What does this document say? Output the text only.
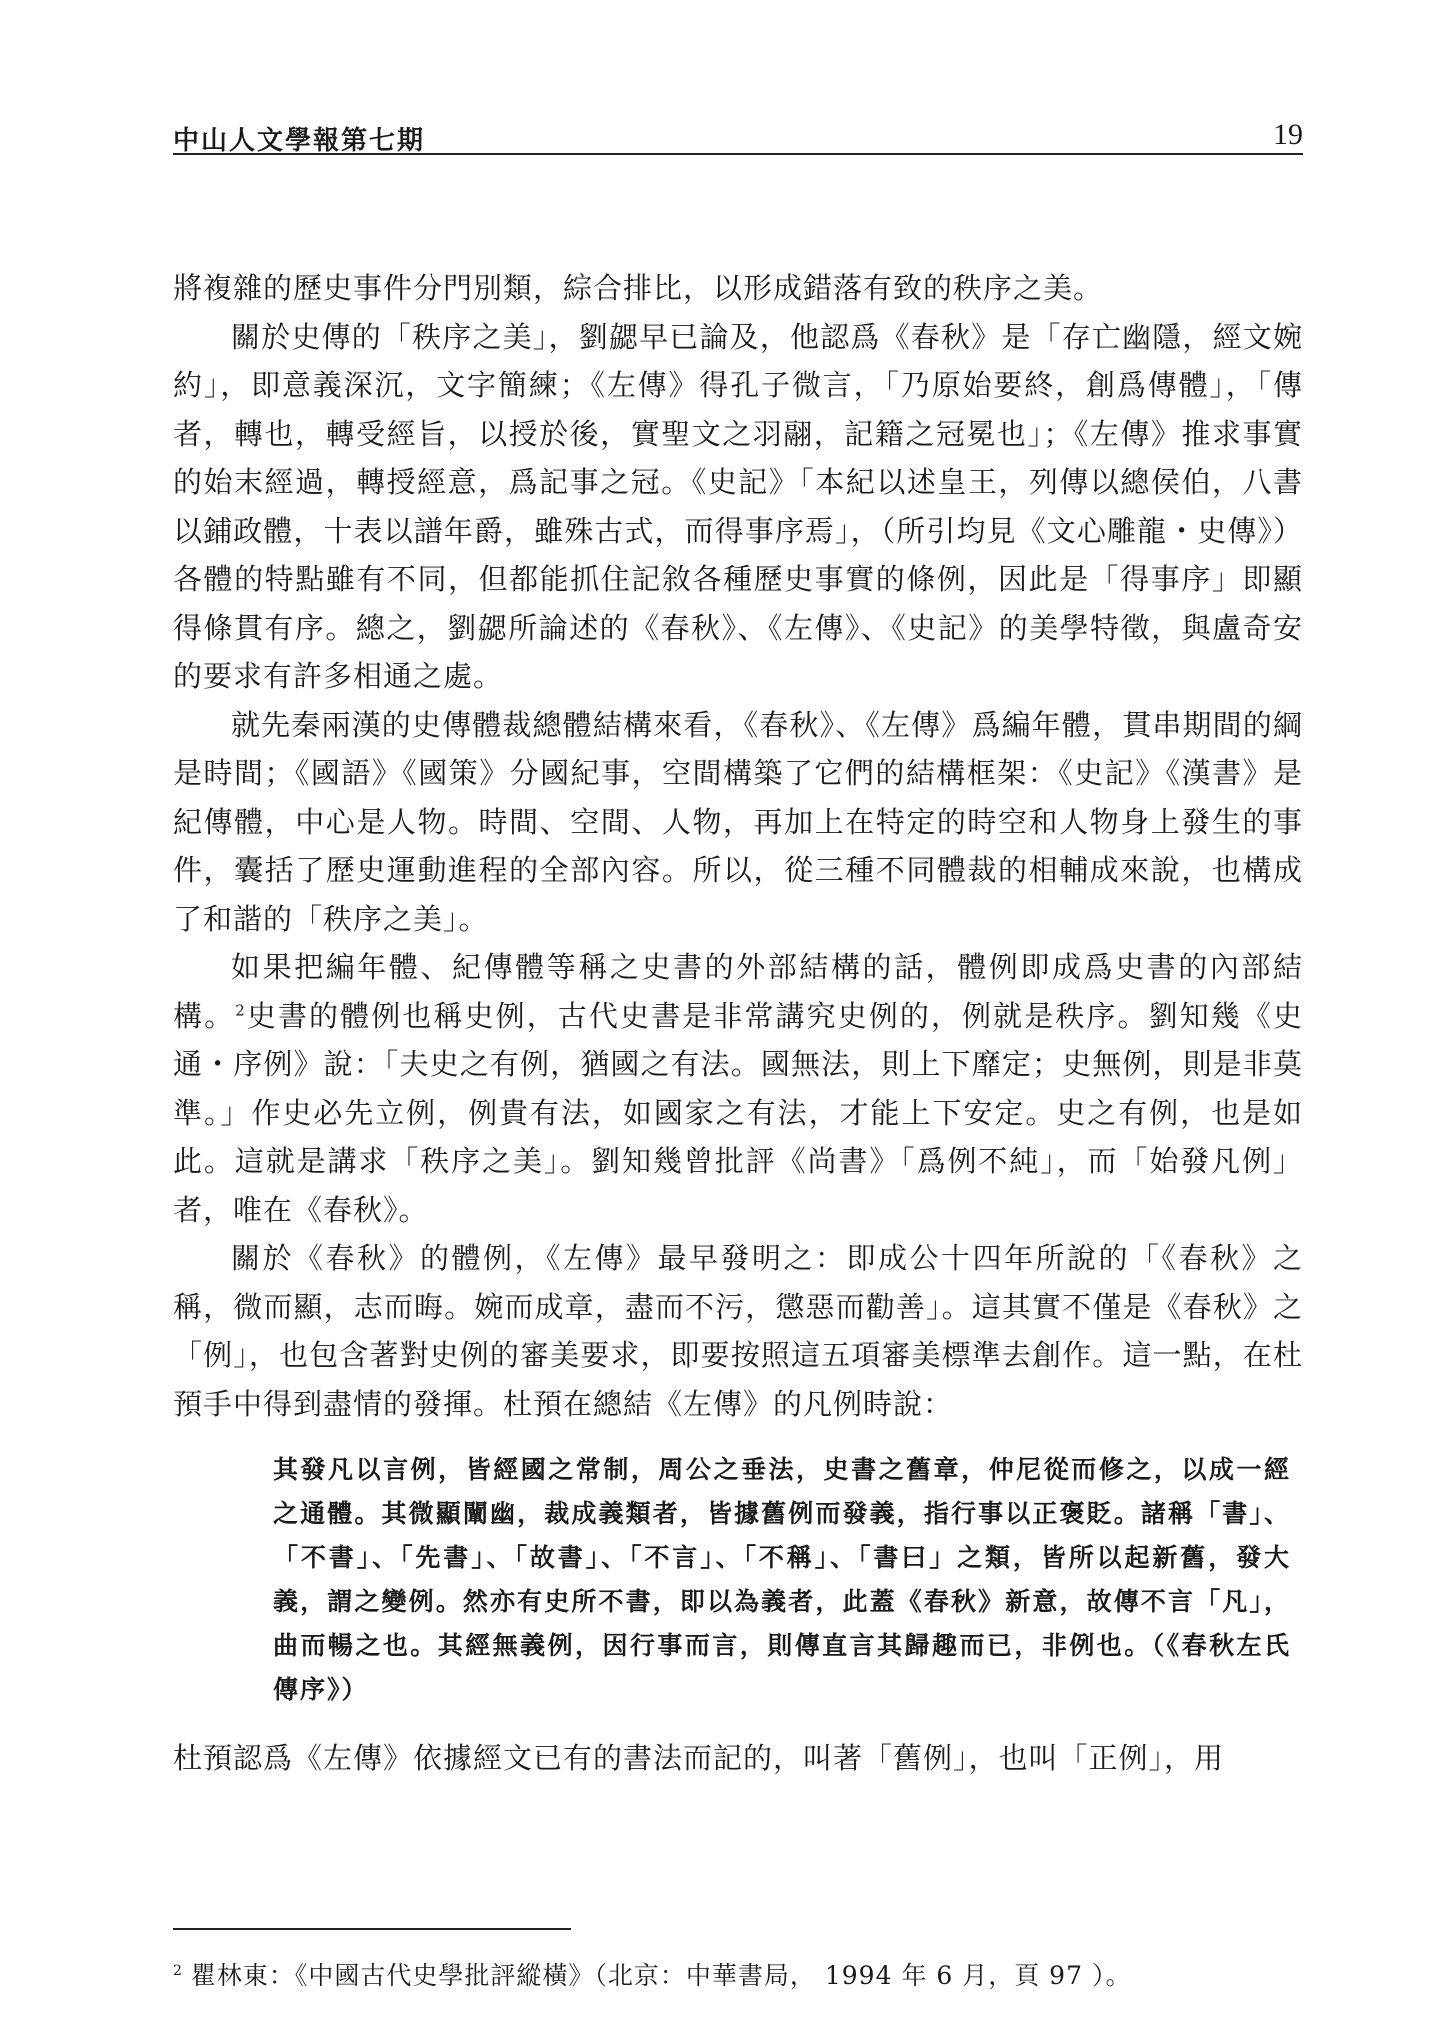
中山人文學報第七期	19

將複雜的歷史事件分門別類，綜合排比，以形成錯落有致的秩序之美。

關於史傳的「秩序之美」，劉勰早已論及，他認爲《春秋》是「存亡幽隱，經文婉約」，即意義深沉，文字簡練；《左傳》得孔子微言，「乃原始要終，創爲傳體」，「傳者，轉也，轉受經旨，以授於後，實聖文之羽翮，記籍之冠冕也」；《左傳》推求事實的始末經過，轉授經意，爲記事之冠。《史記》「本紀以述皇王，列傳以總侯伯，八書以鋪政體，十表以譜年爵，雖殊古式，而得事序焉」，（所引均見《文心雕龍・史傳》）各體的特點雖有不同，但都能抓住記敘各種歷史事實的條例，因此是「得事序」即顯得條貫有序。總之，劉勰所論述的《春秋》、《左傳》、《史記》的美學特徵，與盧奇安的要求有許多相通之處。

就先秦兩漢的史傳體裁總體結構來看，《春秋》、《左傳》爲編年體，貫串期間的綱是時間；《國語》《國策》分國紀事，空間構築了它們的結構框架：《史記》《漢書》是紀傳體，中心是人物。時間、空間、人物，再加上在特定的時空和人物身上發生的事件，囊括了歷史運動進程的全部內容。所以，從三種不同體裁的相輔成來說，也構成了和諧的「秩序之美」。

如果把編年體、紀傳體等稱之史書的外部結構的話，體例即成爲史書的內部結構。$^2$史書的體例也稱史例，古代史書是非常講究史例的，例就是秩序。劉知幾《史通・序例》說：「夫史之有例，猶國之有法。國無法，則上下靡定；史無例，則是非莫準。」作史必先立例，例貴有法，如國家之有法，才能上下安定。史之有例，也是如此。這就是講求「秩序之美」。劉知幾曾批評《尚書》「爲例不純」，而「始發凡例」者，唯在《春秋》。

關於《春秋》的體例，《左傳》最早發明之：即成公十四年所說的「《春秋》之稱，微而顯，志而晦。婉而成章，盡而不污，懲惡而勸善」。這其實不僅是《春秋》之「例」，也包含著對史例的審美要求，即要按照這五項審美標準去創作。這一點，在杜預手中得到盡情的發揮。杜預在總結《左傳》的凡例時說：

其發凡以言例，皆經國之常制，周公之垂法，史書之舊章，仲尼從而修之，以成一經之通體。其微顯闡幽，裁成義類者，皆據舊例而發義，指行事以正褒貶。諸稱「書」、「不書」、「先書」、「故書」、「不言」、「不稱」、「書曰」之類，皆所以起新舊，發大義，謂之變例。然亦有史所不書，即以為義者，此蓋《春秋》新意，故傳不言「凡」，曲而暢之也。其經無義例，因行事而言，則傳直言其歸趣而已，非例也。（《春秋左氏傳序》）

杜預認爲《左傳》依據經文已有的書法而記的，叫著「舊例」，也叫「正例」，用

$^2$ 瞿林東：《中國古代史學批評縱橫》（北京：中華書局， 1994 年 6 月，頁 97 ）。
